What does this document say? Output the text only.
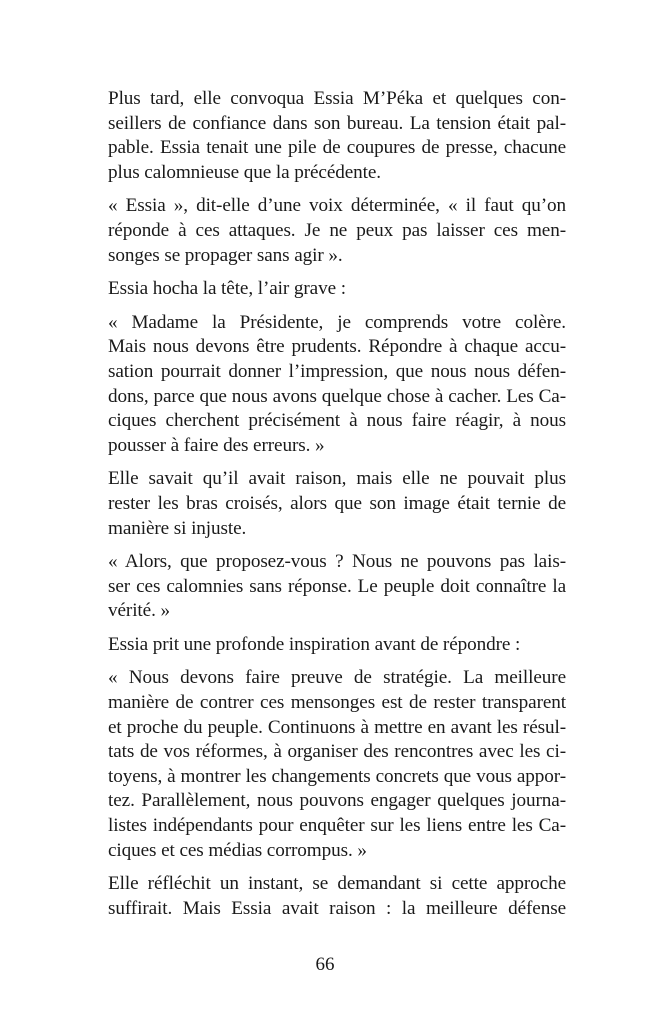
Plus tard, elle convoqua Essia M’Péka et quelques con-
seillers de confiance dans son bureau. La tension était pal-
pable. Essia tenait une pile de coupures de presse, chacune
plus calomnieuse que la précédente.
« Essia », dit-elle d’une voix déterminée, « il faut qu’on
réponde à ces attaques. Je ne peux pas laisser ces men-
songes se propager sans agir ».
Essia hocha la tête, l’air grave :
« Madame la Présidente, je comprends votre colère.
Mais nous devons être prudents. Répondre à chaque accu-
sation pourrait donner l’impression, que nous nous défen-
dons, parce que nous avons quelque chose à cacher. Les Ca-
ciques cherchent précisément à nous faire réagir, à nous
pousser à faire des erreurs. »
Elle savait qu’il avait raison, mais elle ne pouvait plus
rester les bras croisés, alors que son image était ternie de
manière si injuste.
« Alors, que proposez-vous ? Nous ne pouvons pas lais-
ser ces calomnies sans réponse. Le peuple doit connaître la
vérité. »
Essia prit une profonde inspiration avant de répondre :
« Nous devons faire preuve de stratégie. La meilleure
manière de contrer ces mensonges est de rester transparent
et proche du peuple. Continuons à mettre en avant les résul-
tats de vos réformes, à organiser des rencontres avec les ci-
toyens, à montrer les changements concrets que vous appor-
tez. Parallèlement, nous pouvons engager quelques journa-
listes indépendants pour enquêter sur les liens entre les Ca-
ciques et ces médias corrompus. »
Elle réfléchit un instant, se demandant si cette approche
suffirait. Mais Essia avait raison : la meilleure défense
66
